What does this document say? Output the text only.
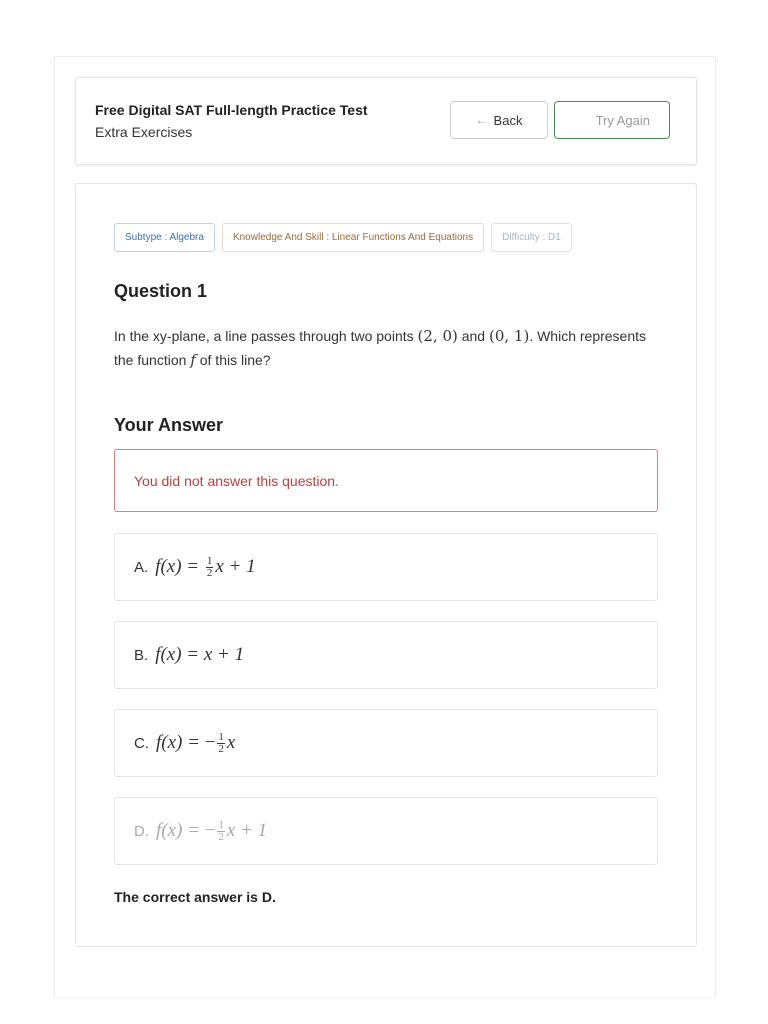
Free Digital SAT Full-length Practice Test
Extra Exercises
← Back	Try Again
Subtype : Algebra	Knowledge And Skill : Linear Functions And Equations	Difficulty : D1
Question 1
In the xy-plane, a line passes through two points (2, 0) and (0, 1). Which represents the function f of this line?
Your Answer
You did not answer this question.
A. f(x) =
$\frac{1}{2}$ x + 1
B. f(x) =
x + 1
C. f(x) =
− $\frac{1}{2}$ x
D. f(x) =
− $\frac{1}{2}$ x + 1
The correct answer is D.
